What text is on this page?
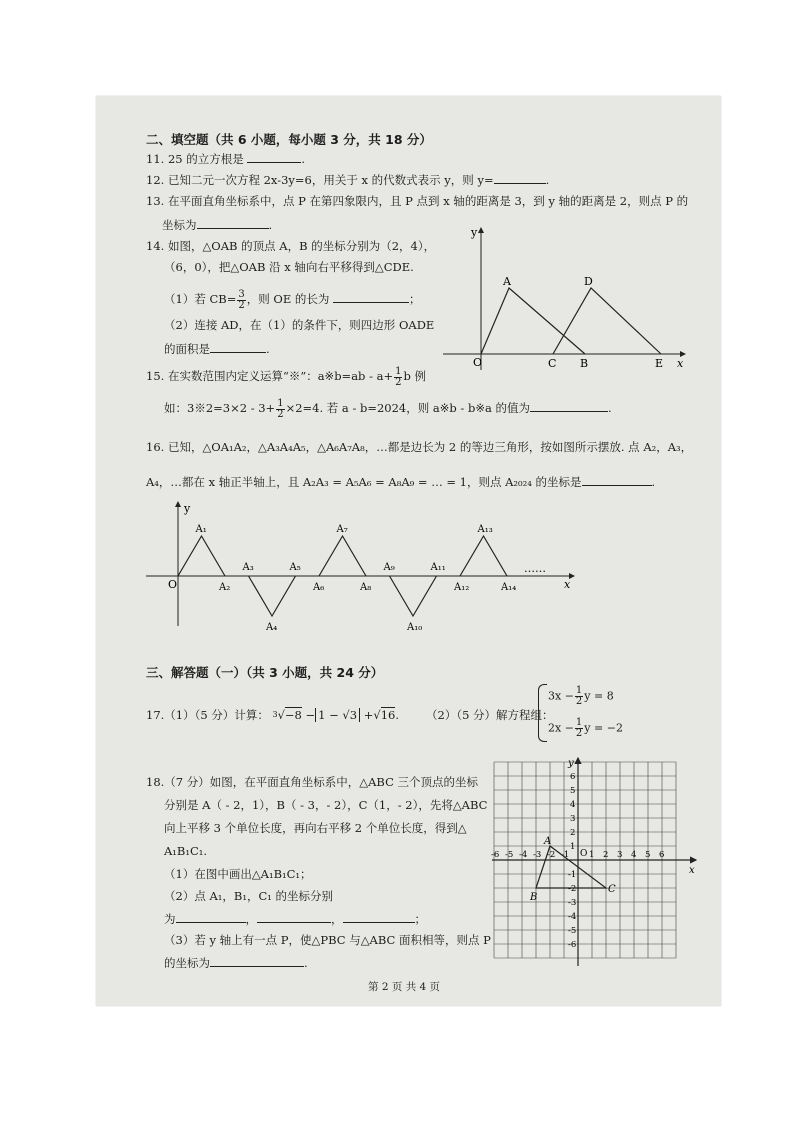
二、填空题（共 6 小题，每小题 3 分，共 18 分）
11. 25 的立方根是	.
12. 已知二元一次方程 2x-3y=6，用关于 x 的代数式表示 y，则 y=	.
13. 在平面直角坐标系中，点 P 在第四象限内，且 P 点到 x 轴的距离是 3，到 y 轴的距离是 2，则点 P 的
坐标为	.
14. 如图，△OAB 的顶点 A，B 的坐标分别为（2，4），
（6，0），把△OAB 沿 x 轴向右平移得到△CDE.
（1）若 $CB= \frac{3}{2}$ ，则 OE 的长为	；
（2）连接 AD，在（1）的条件下，则四边形 OADE
的面积是	.
y
A	D
O	C B	E x
15. 在实数范围内定义运算“※”：a※b=ab - $a+ \frac{1}{2}$ b 例
如：3※2=3×2 - $3+ \frac{1}{2} \times 2=4$. 若 a - b=2024，则 a※b - b※a 的值为	.
16. 已知，△OA₁A₂，△A₃A₄A₅，△A₆A₇A₈，…都是边长为 2 的等边三角形，按如图所示摆放. 点 A₂，A₃，
A₄，…都在 x 轴正半轴上，且 A₂A₃ = A₅A₆ = A₈A₉ = … = 1，则点 A₂₀₂₄ 的坐标是	.
y
x
O
……
A₁
A₂
A₃
A₄
A₅
A₆
A₇
A₈
A₉
A₁₀
A₁₁
A₁₂
A₁₃
A₁₄
三、解答题（一）（共 3 小题，共 24 分）
17.（1）（5 分）计算： $^3$√−8 − 1 − √3 +√16. （2）（5 分）解方程组：
$3x - \frac{1}{2}$ y = 8
$2x - \frac{1}{2}$ y = −2
18.（7 分）如图，在平面直角坐标系中，△ABC 三个顶点的坐标
分别是 A（ - 2，1），B（ - 3，- 2），C（1，- 2），先将△ABC
向上平移 3 个单位长度，再向右平移 2 个单位长度，得到△
A₁B₁C₁.
（1）在图中画出△A₁B₁C₁；
（2）点 A₁，B₁，C₁ 的坐标分别
为	，	，	；
（3）若 y 轴上有一点 P，使△PBC 与△ABC 面积相等，则点 P
的坐标为	.
x
y
O
-6 -5 -4 -3 -2 -1 1 2 3 4 5 6
6
5
4
3
2
1
-1
-2
-3
-4
-5
-6
A
B
C
第 2 页 共 4 页
